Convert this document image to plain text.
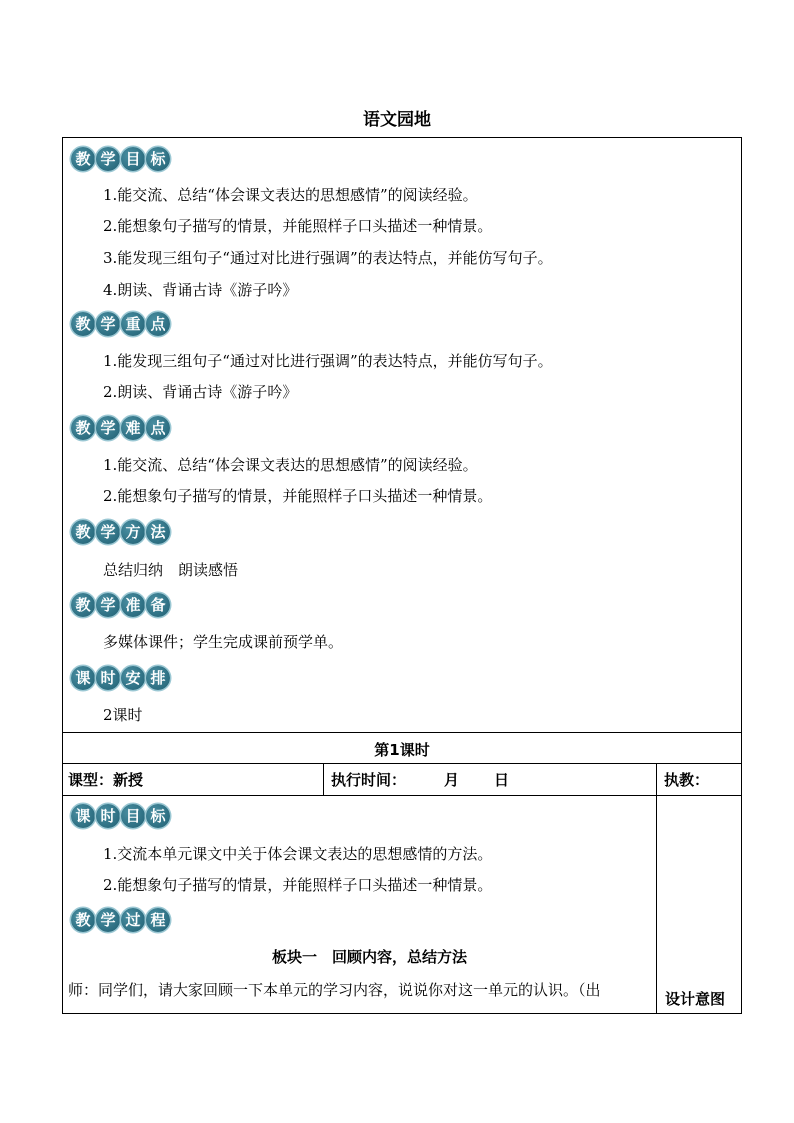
语文园地
教 学 目 标
1.能交流、总结“体会课文表达的思想感情”的阅读经验。
2.能想象句子描写的情景，并能照样子口头描述一种情景。
3.能发现三组句子“通过对比进行强调”的表达特点，并能仿写句子。
4.朗读、背诵古诗《游子吟》
教 学 重 点
1.能发现三组句子“通过对比进行强调”的表达特点，并能仿写句子。
2.朗读、背诵古诗《游子吟》
教 学 难 点
1.能交流、总结“体会课文表达的思想感情”的阅读经验。
2.能想象句子描写的情景，并能照样子口头描述一种情景。
教 学 方 法
总结归纳　朗读感悟
教 学 准 备
多媒体课件；学生完成课前预学单。
课 时 安 排
2课时
第1课时
课型：新授	执行时间：	月 日	执教：
课 时 目 标
1.交流本单元课文中关于体会课文表达的思想感情的方法。
2.能想象句子描写的情景，并能照样子口头描述一种情景。
教 学 过 程
板块一　回顾内容，总结方法
师：同学们，请大家回顾一下本单元的学习内容，说说你对这一单元的认识。（出	设计意图
